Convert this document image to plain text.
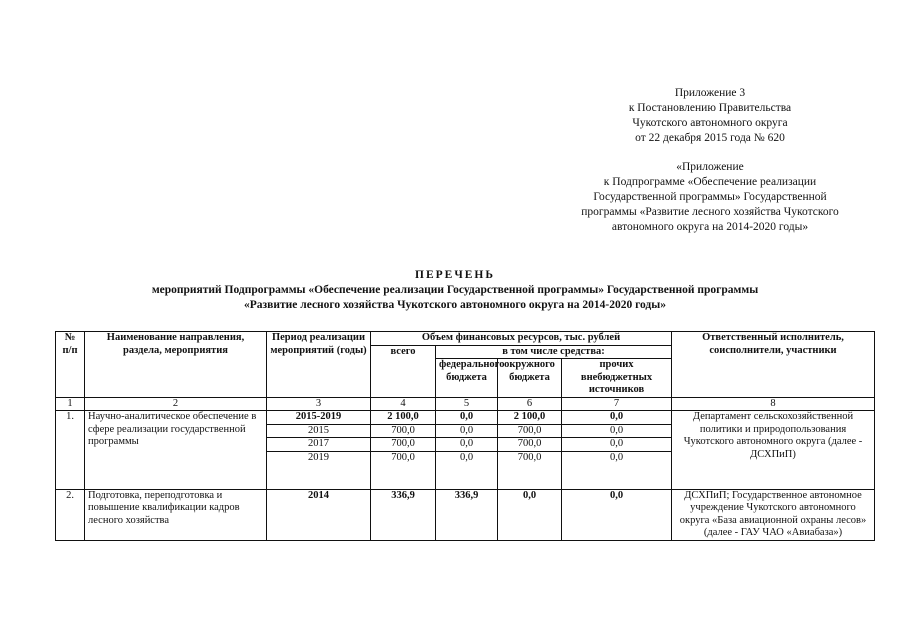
Приложение 3
к Постановлению Правительства
Чукотского автономного округа
от 22 декабря 2015 года № 620
«Приложение
к Подпрограмме «Обеспечение реализации
Государственной программы» Государственной
программы «Развитие лесного хозяйства Чукотского
автономного округа на 2014-2020 годы»
ПЕРЕЧЕНЬ
мероприятий Подпрограммы «Обеспечение реализации Государственной программы» Государственной программы
«Развитие лесного хозяйства Чукотского автономного округа на 2014-2020 годы»
№ п/п	Наименование направления, раздела, мероприятия	Период реализации мероприятий (годы)	Объем финансовых ресурсов, тыс. рублей				Ответственный исполнитель, соисполнители, участники
			всего	в том числе средства:			
				федерального бюджета	окружного бюджета	прочих внебюджетных источников	
1	2	3	4	5	6	7	8
1.	Научно-аналитическое обеспечение в сфере реализации государственной программы	2015-2019	2 100,0	0,0	2 100,0	0,0	Департамент сельскохозяйственной политики и природопользования Чукотского автономного округа (далее - ДСХПиП)
		2015	700,0	0,0	700,0	0,0	
		2017	700,0	0,0	700,0	0,0	
		2019	700,0	0,0	700,0	0,0	
2.	Подготовка, переподготовка и повышение квалификации кадров лесного хозяйства	2014	336,9	336,9	0,0	0,0	ДСХПиП; Государственное автономное учреждение Чукотского автономного округа «База авиационной охраны лесов» (далее - ГАУ ЧАО «Авиабаза»)
